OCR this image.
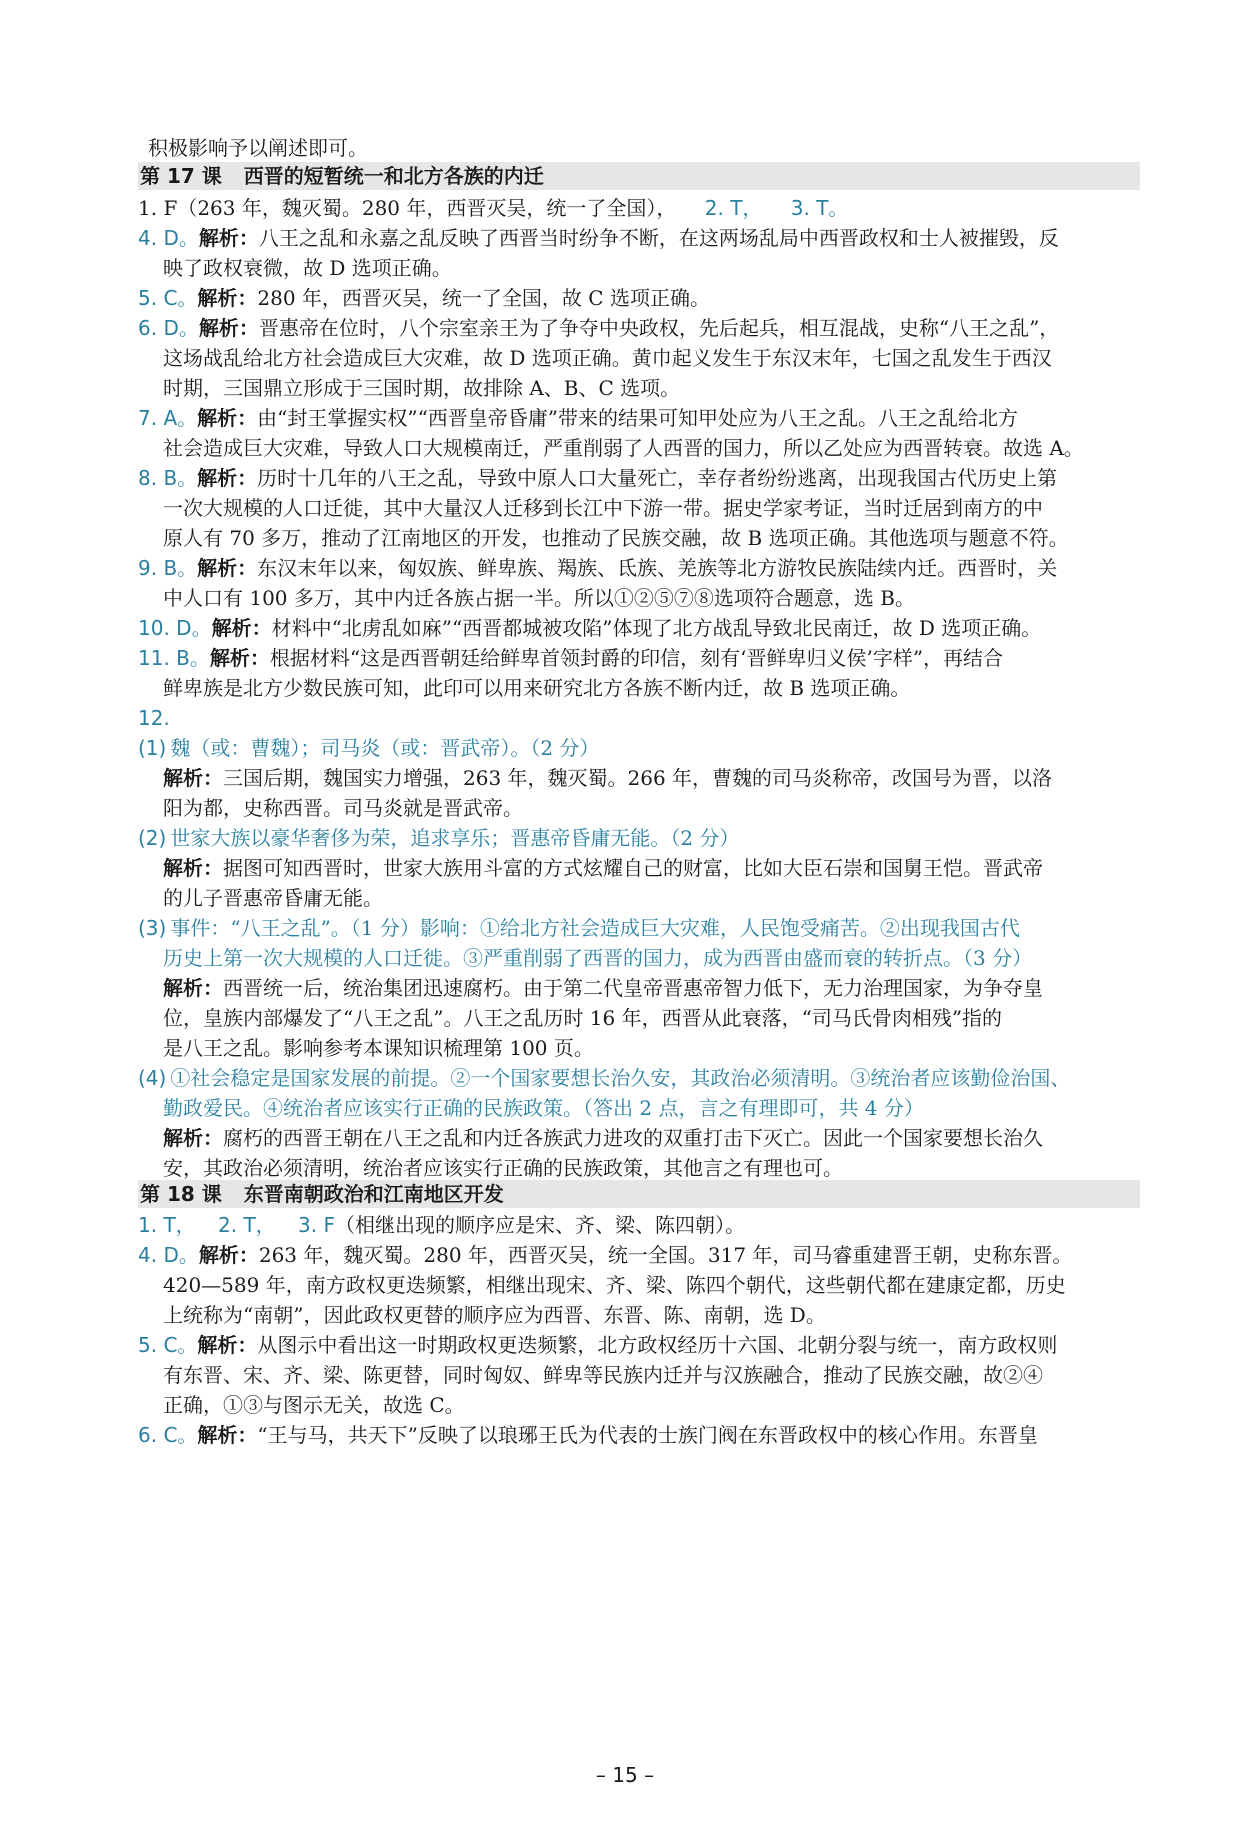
积极影响予以阐述即可。
第 17 课 西晋的短暂统一和北方各族的内迁
1. F（263 年，魏灭蜀。280 年，西晋灭吴，统一了全国）， 2. T， 3. T。
4. D。解析：八王之乱和永嘉之乱反映了西晋当时纷争不断，在这两场乱局中西晋政权和士人被摧毁，反
映了政权衰微，故 D 选项正确。
5. C。解析：280 年，西晋灭吴，统一了全国，故 C 选项正确。
6. D。解析：晋惠帝在位时，八个宗室亲王为了争夺中央政权，先后起兵，相互混战，史称“八王之乱”，
这场战乱给北方社会造成巨大灾难，故 D 选项正确。黄巾起义发生于东汉末年，七国之乱发生于西汉
时期，三国鼎立形成于三国时期，故排除 A、B、C 选项。
7. A。解析：由“封王掌握实权”“西晋皇帝昏庸”带来的结果可知甲处应为八王之乱。八王之乱给北方
社会造成巨大灾难，导致人口大规模南迁，严重削弱了人西晋的国力，所以乙处应为西晋转衰。故选 A。
8. B。解析：历时十几年的八王之乱，导致中原人口大量死亡，幸存者纷纷逃离，出现我国古代历史上第
一次大规模的人口迁徙，其中大量汉人迁移到长江中下游一带。据史学家考证，当时迁居到南方的中
原人有 70 多万，推动了江南地区的开发，也推动了民族交融，故 B 选项正确。其他选项与题意不符。
9. B。解析：东汉末年以来，匈奴族、鲜卑族、羯族、氐族、羌族等北方游牧民族陆续内迁。西晋时，关
中人口有 100 多万，其中内迁各族占据一半。所以①②⑤⑦⑧选项符合题意，选 B。
10. D。解析：材料中“北虏乱如麻”“西晋都城被攻陷”体现了北方战乱导致北民南迁，故 D 选项正确。
11. B。解析：根据材料“这是西晋朝廷给鲜卑首领封爵的印信，刻有‘晋鲜卑归义侯’字样”，再结合
鲜卑族是北方少数民族可知，此印可以用来研究北方各族不断内迁，故 B 选项正确。
12.
(1) 魏（或：曹魏）；司马炎（或：晋武帝）。（2 分）
解析：三国后期，魏国实力增强，263 年，魏灭蜀。266 年，曹魏的司马炎称帝，改国号为晋，以洛
阳为都，史称西晋。司马炎就是晋武帝。
(2) 世家大族以豪华奢侈为荣，追求享乐；晋惠帝昏庸无能。（2 分）
解析：据图可知西晋时，世家大族用斗富的方式炫耀自己的财富，比如大臣石崇和国舅王恺。晋武帝
的儿子晋惠帝昏庸无能。
(3) 事件：“八王之乱”。（1 分）影响：①给北方社会造成巨大灾难，人民饱受痛苦。②出现我国古代
历史上第一次大规模的人口迁徙。③严重削弱了西晋的国力，成为西晋由盛而衰的转折点。（3 分）
解析：西晋统一后，统治集团迅速腐朽。由于第二代皇帝晋惠帝智力低下，无力治理国家，为争夺皇
位，皇族内部爆发了“八王之乱”。八王之乱历时 16 年，西晋从此衰落，“司马氏骨肉相残”指的
是八王之乱。影响参考本课知识梳理第 100 页。
(4) ①社会稳定是国家发展的前提。②一个国家要想长治久安，其政治必须清明。③统治者应该勤俭治国、
勤政爱民。④统治者应该实行正确的民族政策。（答出 2 点，言之有理即可，共 4 分）
解析：腐朽的西晋王朝在八王之乱和内迁各族武力进攻的双重打击下灭亡。因此一个国家要想长治久
安，其政治必须清明，统治者应该实行正确的民族政策，其他言之有理也可。
第 18 课 东晋南朝政治和江南地区开发
1. T， 2. T， 3. F（相继出现的顺序应是宋、齐、梁、陈四朝）。
4. D。解析：263 年，魏灭蜀。280 年，西晋灭吴，统一全国。317 年，司马睿重建晋王朝，史称东晋。
420—589 年，南方政权更迭频繁，相继出现宋、齐、梁、陈四个朝代，这些朝代都在建康定都，历史
上统称为“南朝”，因此政权更替的顺序应为西晋、东晋、陈、南朝，选 D。
5. C。解析：从图示中看出这一时期政权更迭频繁，北方政权经历十六国、北朝分裂与统一，南方政权则
有东晋、宋、齐、梁、陈更替，同时匈奴、鲜卑等民族内迁并与汉族融合，推动了民族交融，故②④
正确，①③与图示无关，故选 C。
6. C。解析：“王与马，共天下”反映了以琅琊王氏为代表的士族门阀在东晋政权中的核心作用。东晋皇
– 15 –
